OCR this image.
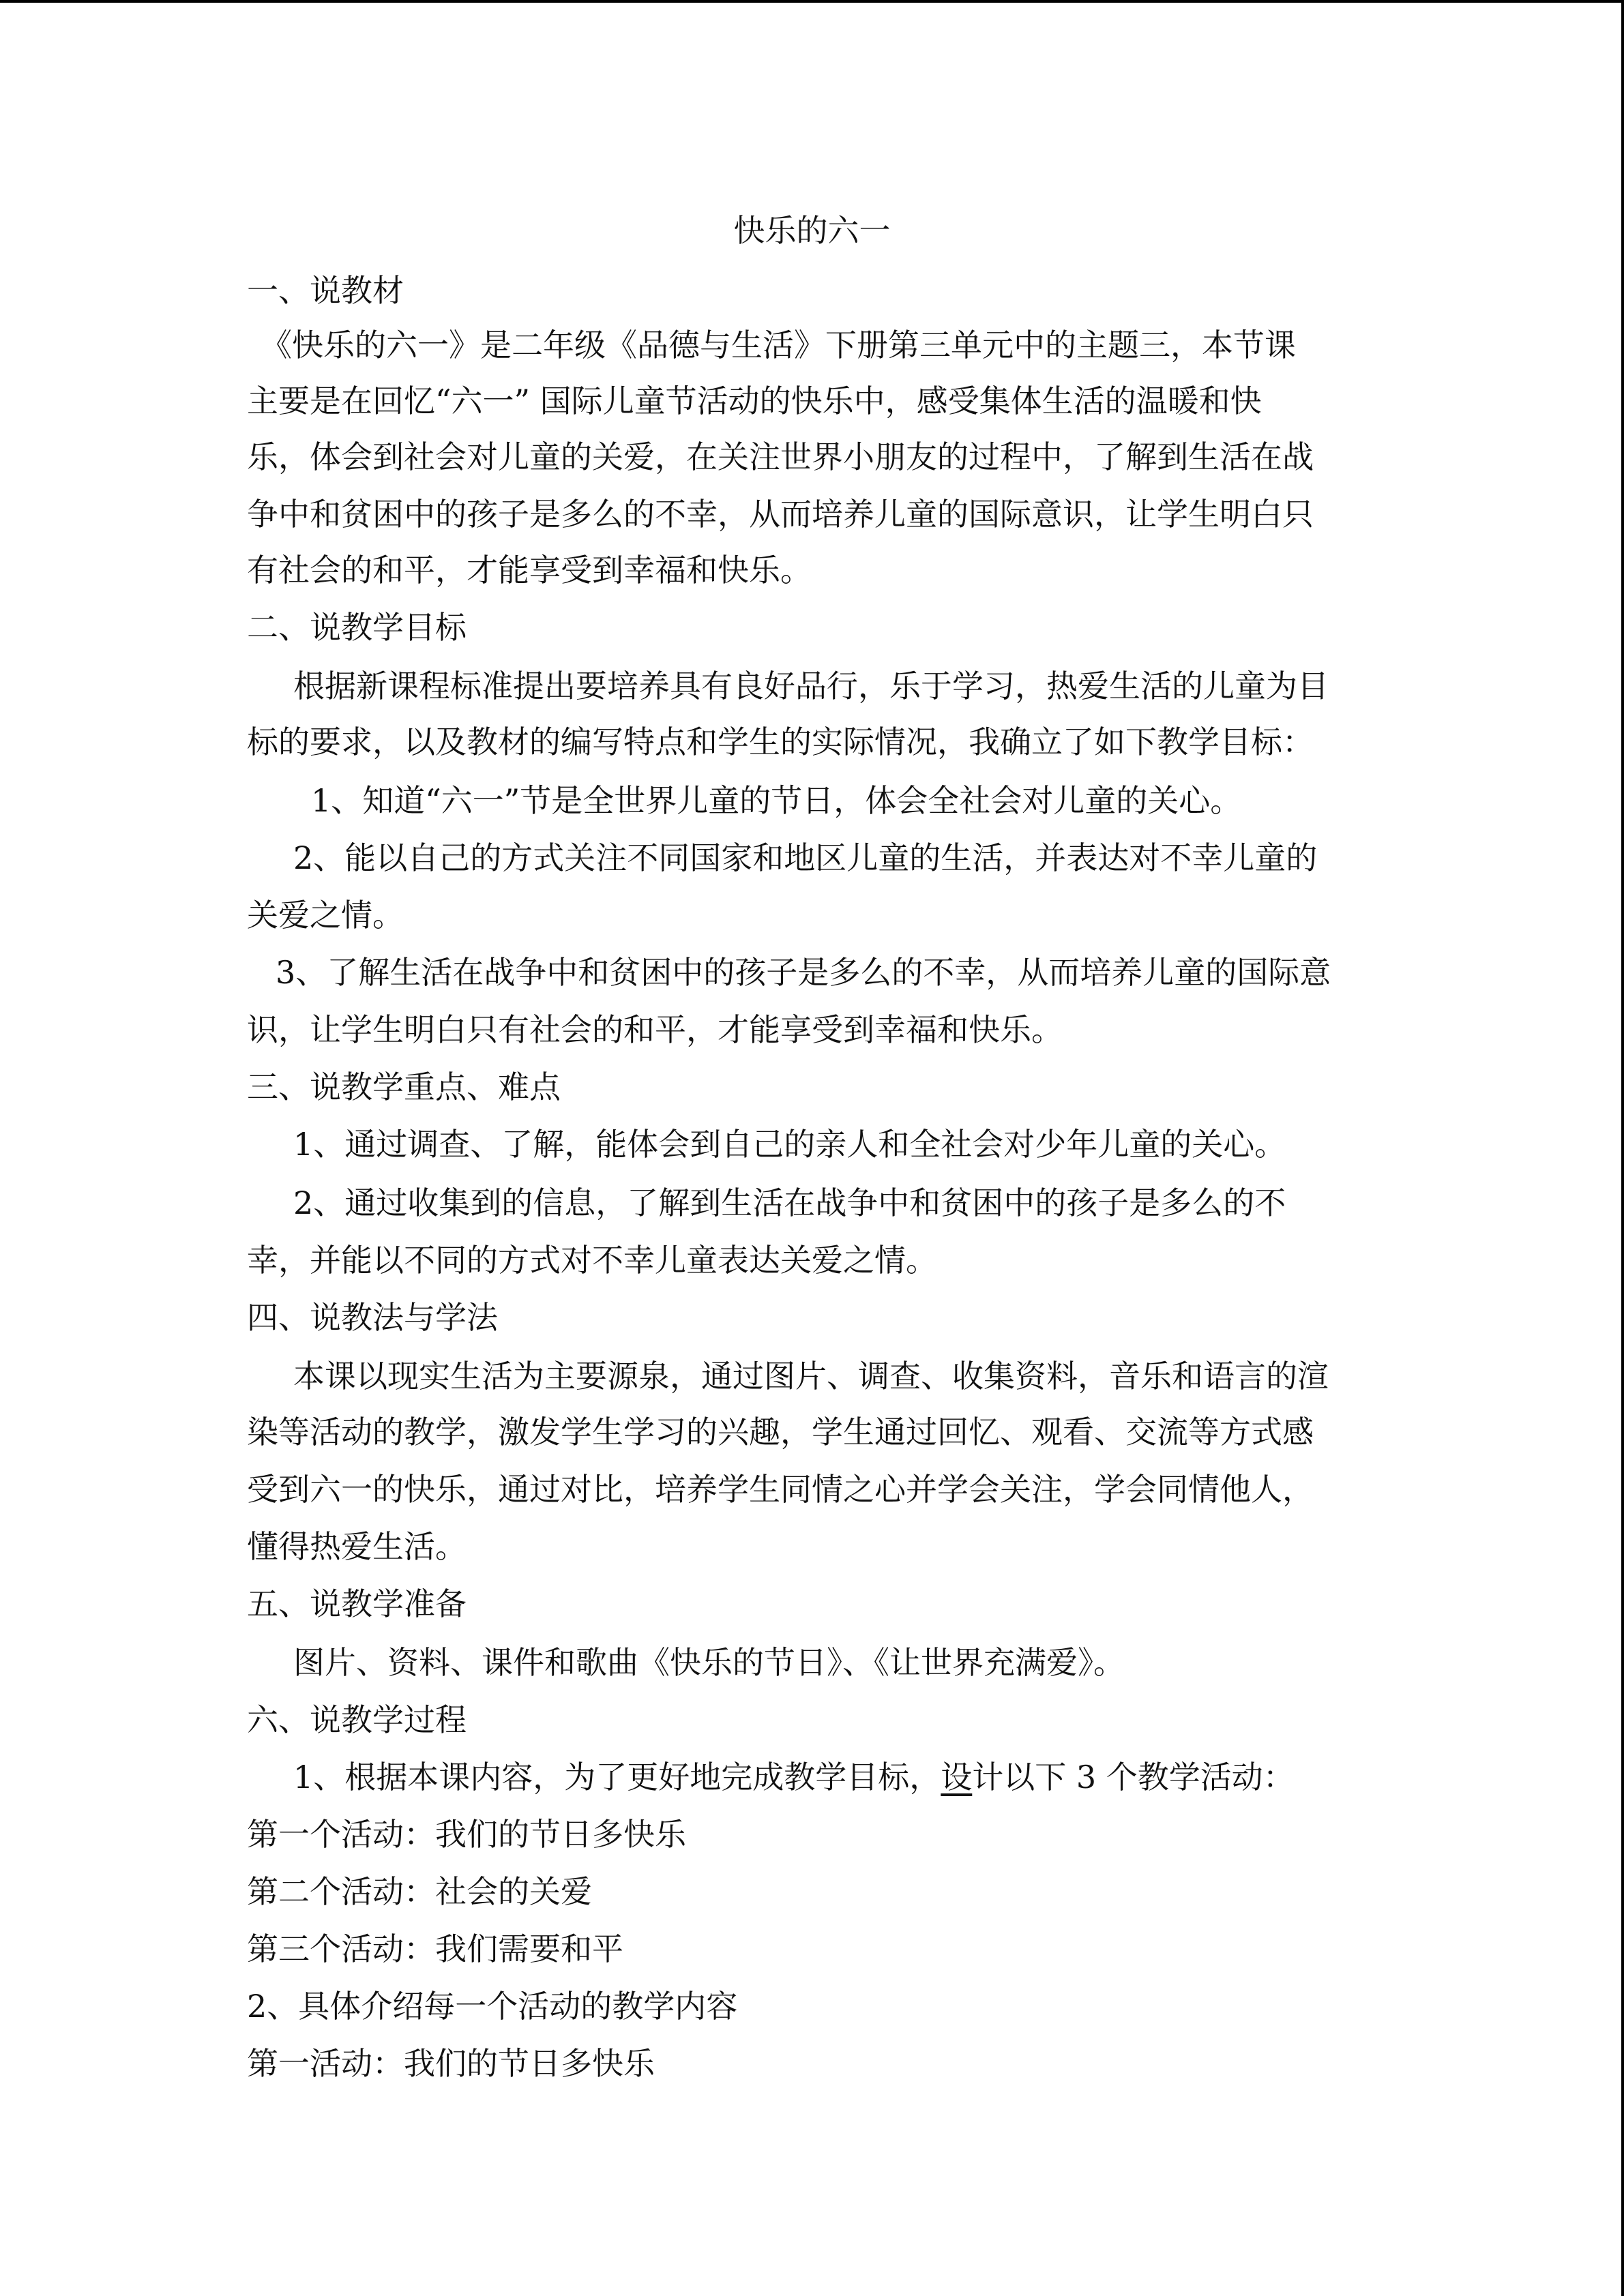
快乐的六一
一、说教材
《快乐的六一》是二年级《品德与生活》下册第三单元中的主题三，本节课
主要是在回忆“六一” 国际儿童节活动的快乐中，感受集体生活的温暖和快
乐，体会到社会对儿童的关爱，在关注世界小朋友的过程中，了解到生活在战
争中和贫困中的孩子是多么的不幸，从而培养儿童的国际意识，让学生明白只
有社会的和平，才能享受到幸福和快乐。
二、说教学目标
根据新课程标准提出要培养具有良好品行，乐于学习，热爱生活的儿童为目
标的要求，以及教材的编写特点和学生的实际情况，我确立了如下教学目标：
1、知道“六一”节是全世界儿童的节日，体会全社会对儿童的关心。
2、能以自己的方式关注不同国家和地区儿童的生活，并表达对不幸儿童的
关爱之情。
3、了解生活在战争中和贫困中的孩子是多么的不幸，从而培养儿童的国际意
识，让学生明白只有社会的和平，才能享受到幸福和快乐。
三、说教学重点、难点
1、通过调查、了解，能体会到自己的亲人和全社会对少年儿童的关心。
2、通过收集到的信息，了解到生活在战争中和贫困中的孩子是多么的不
幸，并能以不同的方式对不幸儿童表达关爱之情。
四、说教法与学法
本课以现实生活为主要源泉，通过图片、调查、收集资料，音乐和语言的渲
染等活动的教学，激发学生学习的兴趣，学生通过回忆、观看、交流等方式感
受到六一的快乐，通过对比，培养学生同情之心并学会关注，学会同情他人，
懂得热爱生活。
五、说教学准备
图片、资料、课件和歌曲《快乐的节日》、《让世界充满爱》。
六、说教学过程
1、根据本课内容，为了更好地完成教学目标，设计以下 3 个教学活动：
第一个活动：我们的节日多快乐
第二个活动：社会的关爱
第三个活动：我们需要和平
2、具体介绍每一个活动的教学内容
第一活动：我们的节日多快乐
